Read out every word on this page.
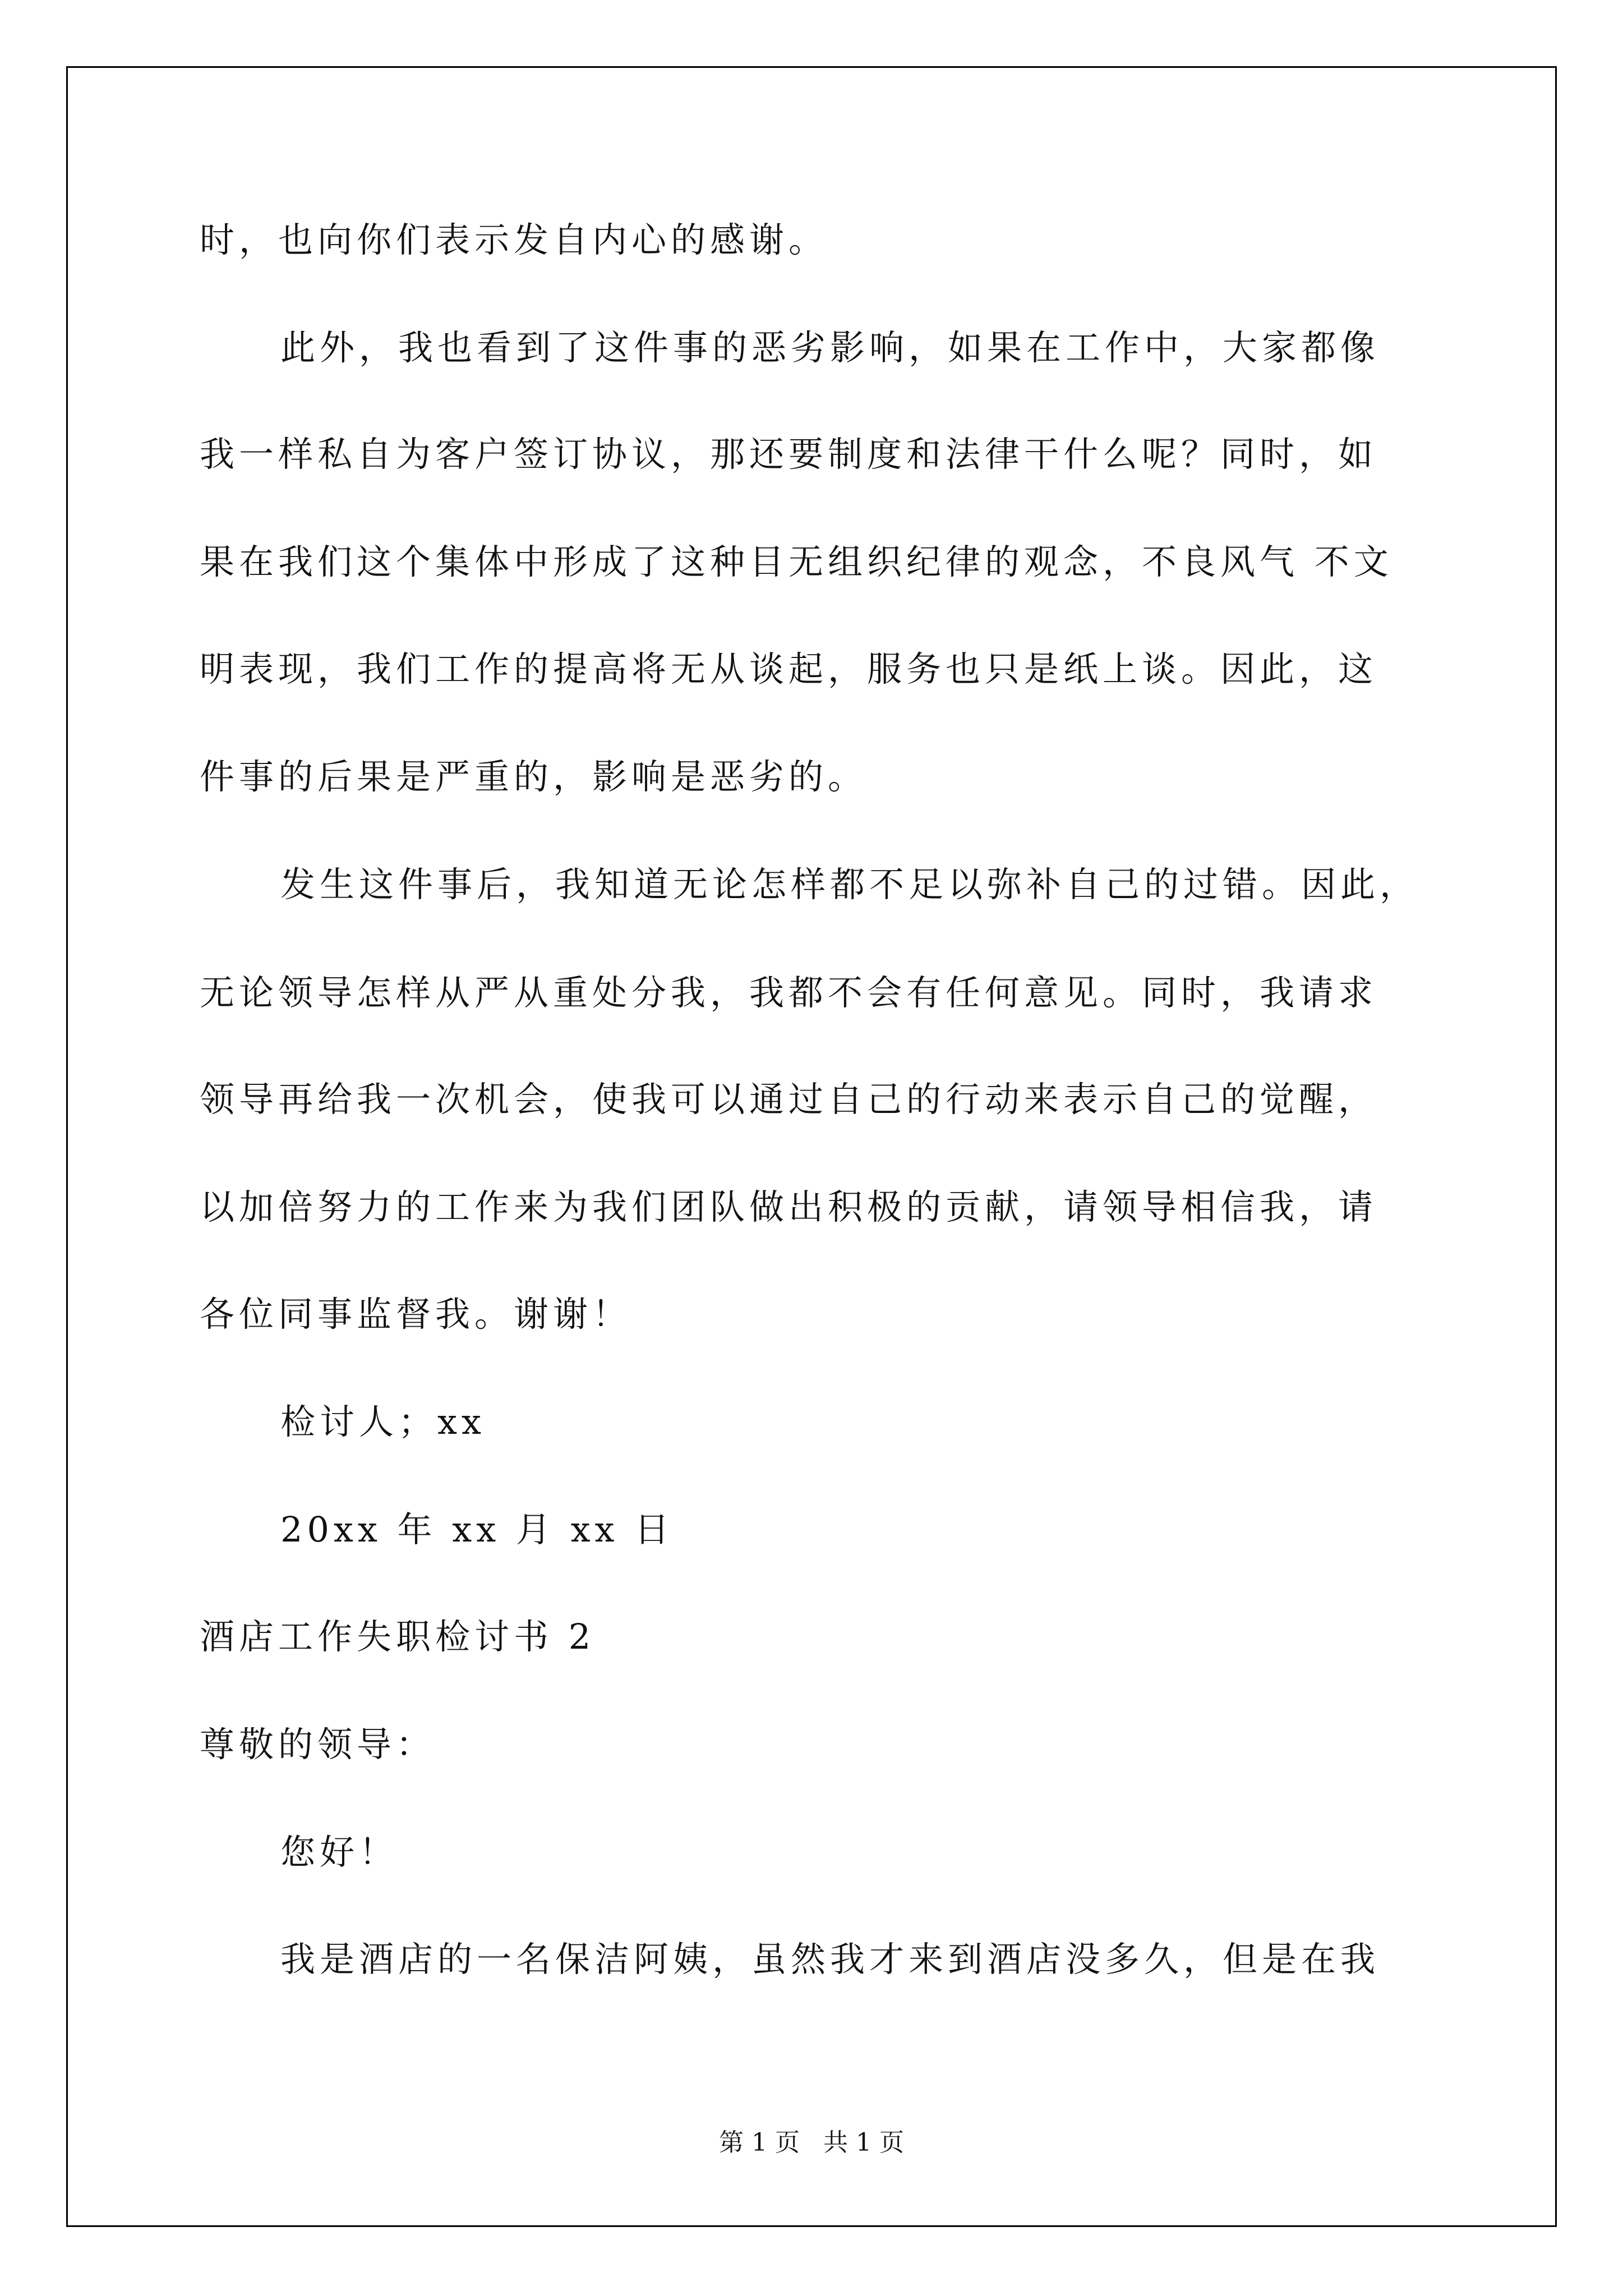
时，也向你们表示发自内心的感谢。
此外，我也看到了这件事的恶劣影响，如果在工作中，大家都像
我一样私自为客户签订协议，那还要制度和法律干什么呢？同时，如
果在我们这个集体中形成了这种目无组织纪律的观念，不良风气 不文
明表现，我们工作的提高将无从谈起，服务也只是纸上谈。因此，这
件事的后果是严重的，影响是恶劣的。
发生这件事后，我知道无论怎样都不足以弥补自己的过错。因此，
无论领导怎样从严从重处分我，我都不会有任何意见。同时，我请求
领导再给我一次机会，使我可以通过自己的行动来表示自己的觉醒，
以加倍努力的工作来为我们团队做出积极的贡献，请领导相信我，请
各位同事监督我。谢谢！
检讨人；xx
20xx 年 xx 月 xx 日
酒店工作失职检讨书 2
尊敬的领导：
您好！
我是酒店的一名保洁阿姨，虽然我才来到酒店没多久，但是在我
第 1 页   共 1 页
